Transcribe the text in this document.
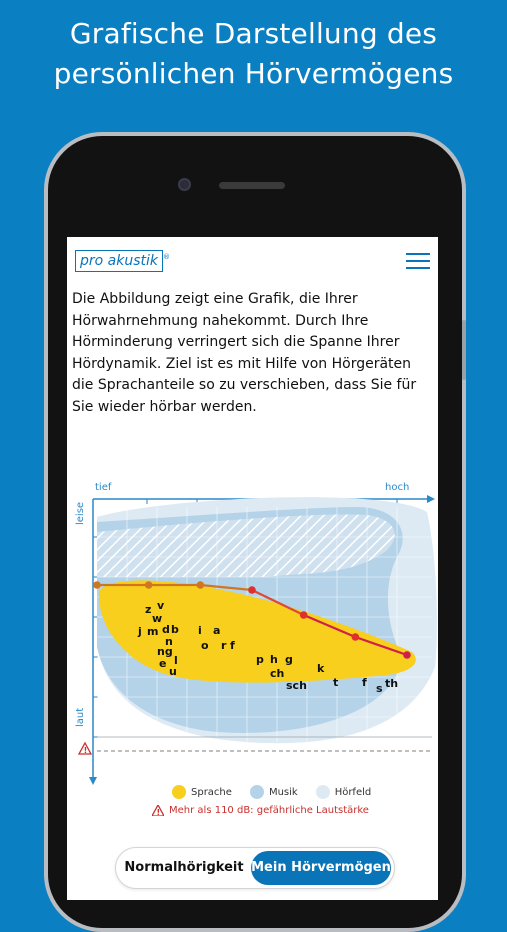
Grafische Darstellung des
persönlichen Hörvermögens
pro akustik ®
Die Abbildung zeigt eine Grafik, die Ihrer Hörwahrnehmung nahekommt. Durch Ihre Hörminderung verringert sich die Spanne Ihrer Hördynamik. Ziel ist es mit Hilfe von Hörgeräten die Sprachanteile so zu verschieben, dass Sie für Sie wieder hörbar werden.
tief	hoch
leise
laut
z v
j m d b
w
n
ng
e l
u
i a
o r f
p h g
ch
sch
k
t f s th
!
Sprache	Musik	Hörfeld
! Mehr als 110 dB: gefährliche Lautstärke
Normalhörigkeit Mein Hörvermögen
